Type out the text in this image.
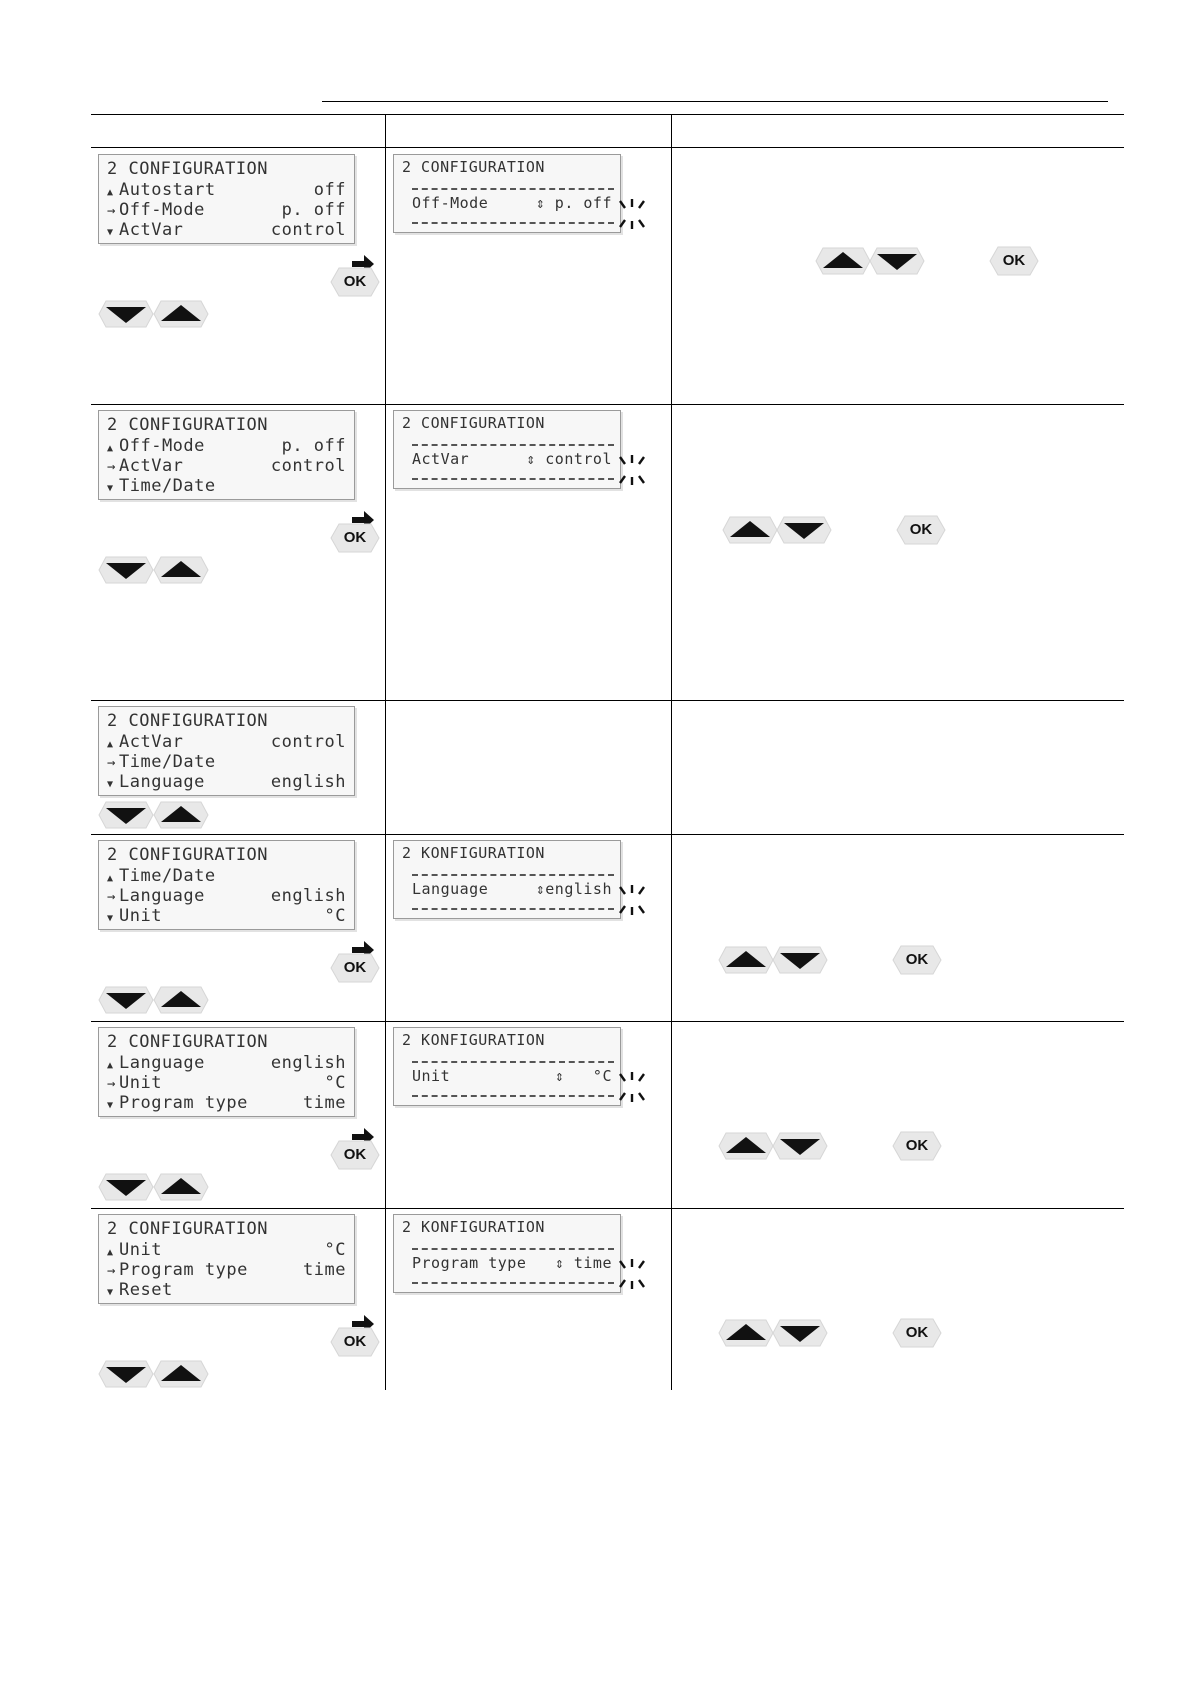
2 CONFIGURATION
▲ Autostart	off
→ Off-Mode	p. off
▼ ActVar	control
OK
2 CONFIGURATION
Off-Mode	⇕ p. off
OK
2 CONFIGURATION
▲ Off-Mode	p. off
→ ActVar	control
▼ Time/Date
OK
2 CONFIGURATION
ActVar	⇕ control
OK
2 CONFIGURATION
▲ ActVar	control
→ Time/Date
▼ Language	english
2 CONFIGURATION
▲ Time/Date
→ Language	english
▼ Unit	°C
OK
2 KONFIGURATION
Language	⇕english
OK
2 CONFIGURATION
▲ Language	english
→ Unit	°C
▼ Program type	time
OK
2 KONFIGURATION
Unit	⇕   °C
OK
2 CONFIGURATION
▲ Unit	°C
→ Program type	time
▼ Reset
OK
2 KONFIGURATION
Program type ⇕ time
OK
